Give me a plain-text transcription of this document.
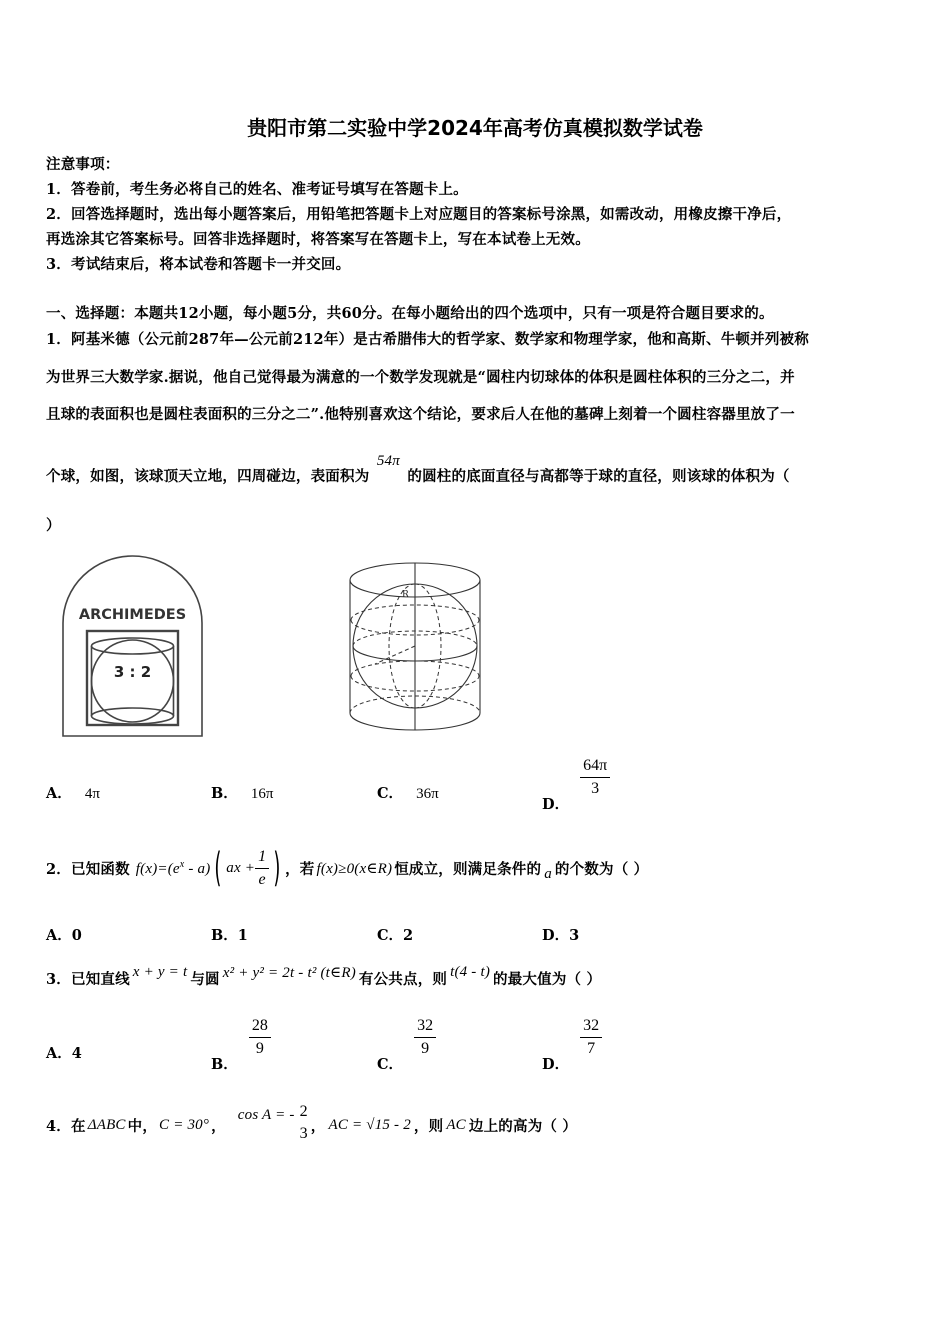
贵阳市第二实验中学2024年高考仿真模拟数学试卷
注意事项：
1．答卷前，考生务必将自己的姓名、准考证号填写在答题卡上。
2．回答选择题时，选出每小题答案后，用铅笔把答题卡上对应题目的答案标号涂黑，如需改动，用橡皮擦干净后，
再选涂其它答案标号。回答非选择题时，将答案写在答题卡上，写在本试卷上无效。
3．考试结束后，将本试卷和答题卡一并交回。
一、选择题：本题共12小题，每小题5分，共60分。在每小题给出的四个选项中，只有一项是符合题目要求的。
1．阿基米德（公元前287年—公元前212年）是古希腊伟大的哲学家、数学家和物理学家，他和高斯、牛顿并列被称
为世界三大数学家.据说，他自己觉得最为满意的一个数学发现就是“圆柱内切球体的体积是圆柱体积的三分之二，并
且球的表面积也是圆柱表面积的三分之二”.他特别喜欢这个结论，要求后人在他的墓碑上刻着一个圆柱容器里放了一
个球，如图，该球顶天立地，四周碰边，表面积为54π的圆柱的底面直径与高都等于球的直径，则该球的体积为（
）
ARCHIMEDES
3 : 2
R
A． 4π	B． 16π	C． 36π
D．
$\frac{64\pi}{3}$
2．已知函数 $f(x)=(e^x - a)$ ( ax + $\frac{1}{e}$ ) ，若 f(x)≥0(x∈R) 恒成立，则满足条件的 a 的个数为（ ）
A．0	B．1	C．2	D．3
3．已知直线 x + y = t 与圆 x² + y² = 2t - t² (t∈R) 有公共点，则 t(4 - t) 的最大值为（ ）
A．4
B．
$\frac{28}{9}$
C．
$\frac{32}{9}$
D．
$\frac{32}{7}$
4．在 ΔABC 中， C = 30° ，
cos A = - 2
3 ， AC = √15 - 2 ，则 AC 边上的高为（ ）
